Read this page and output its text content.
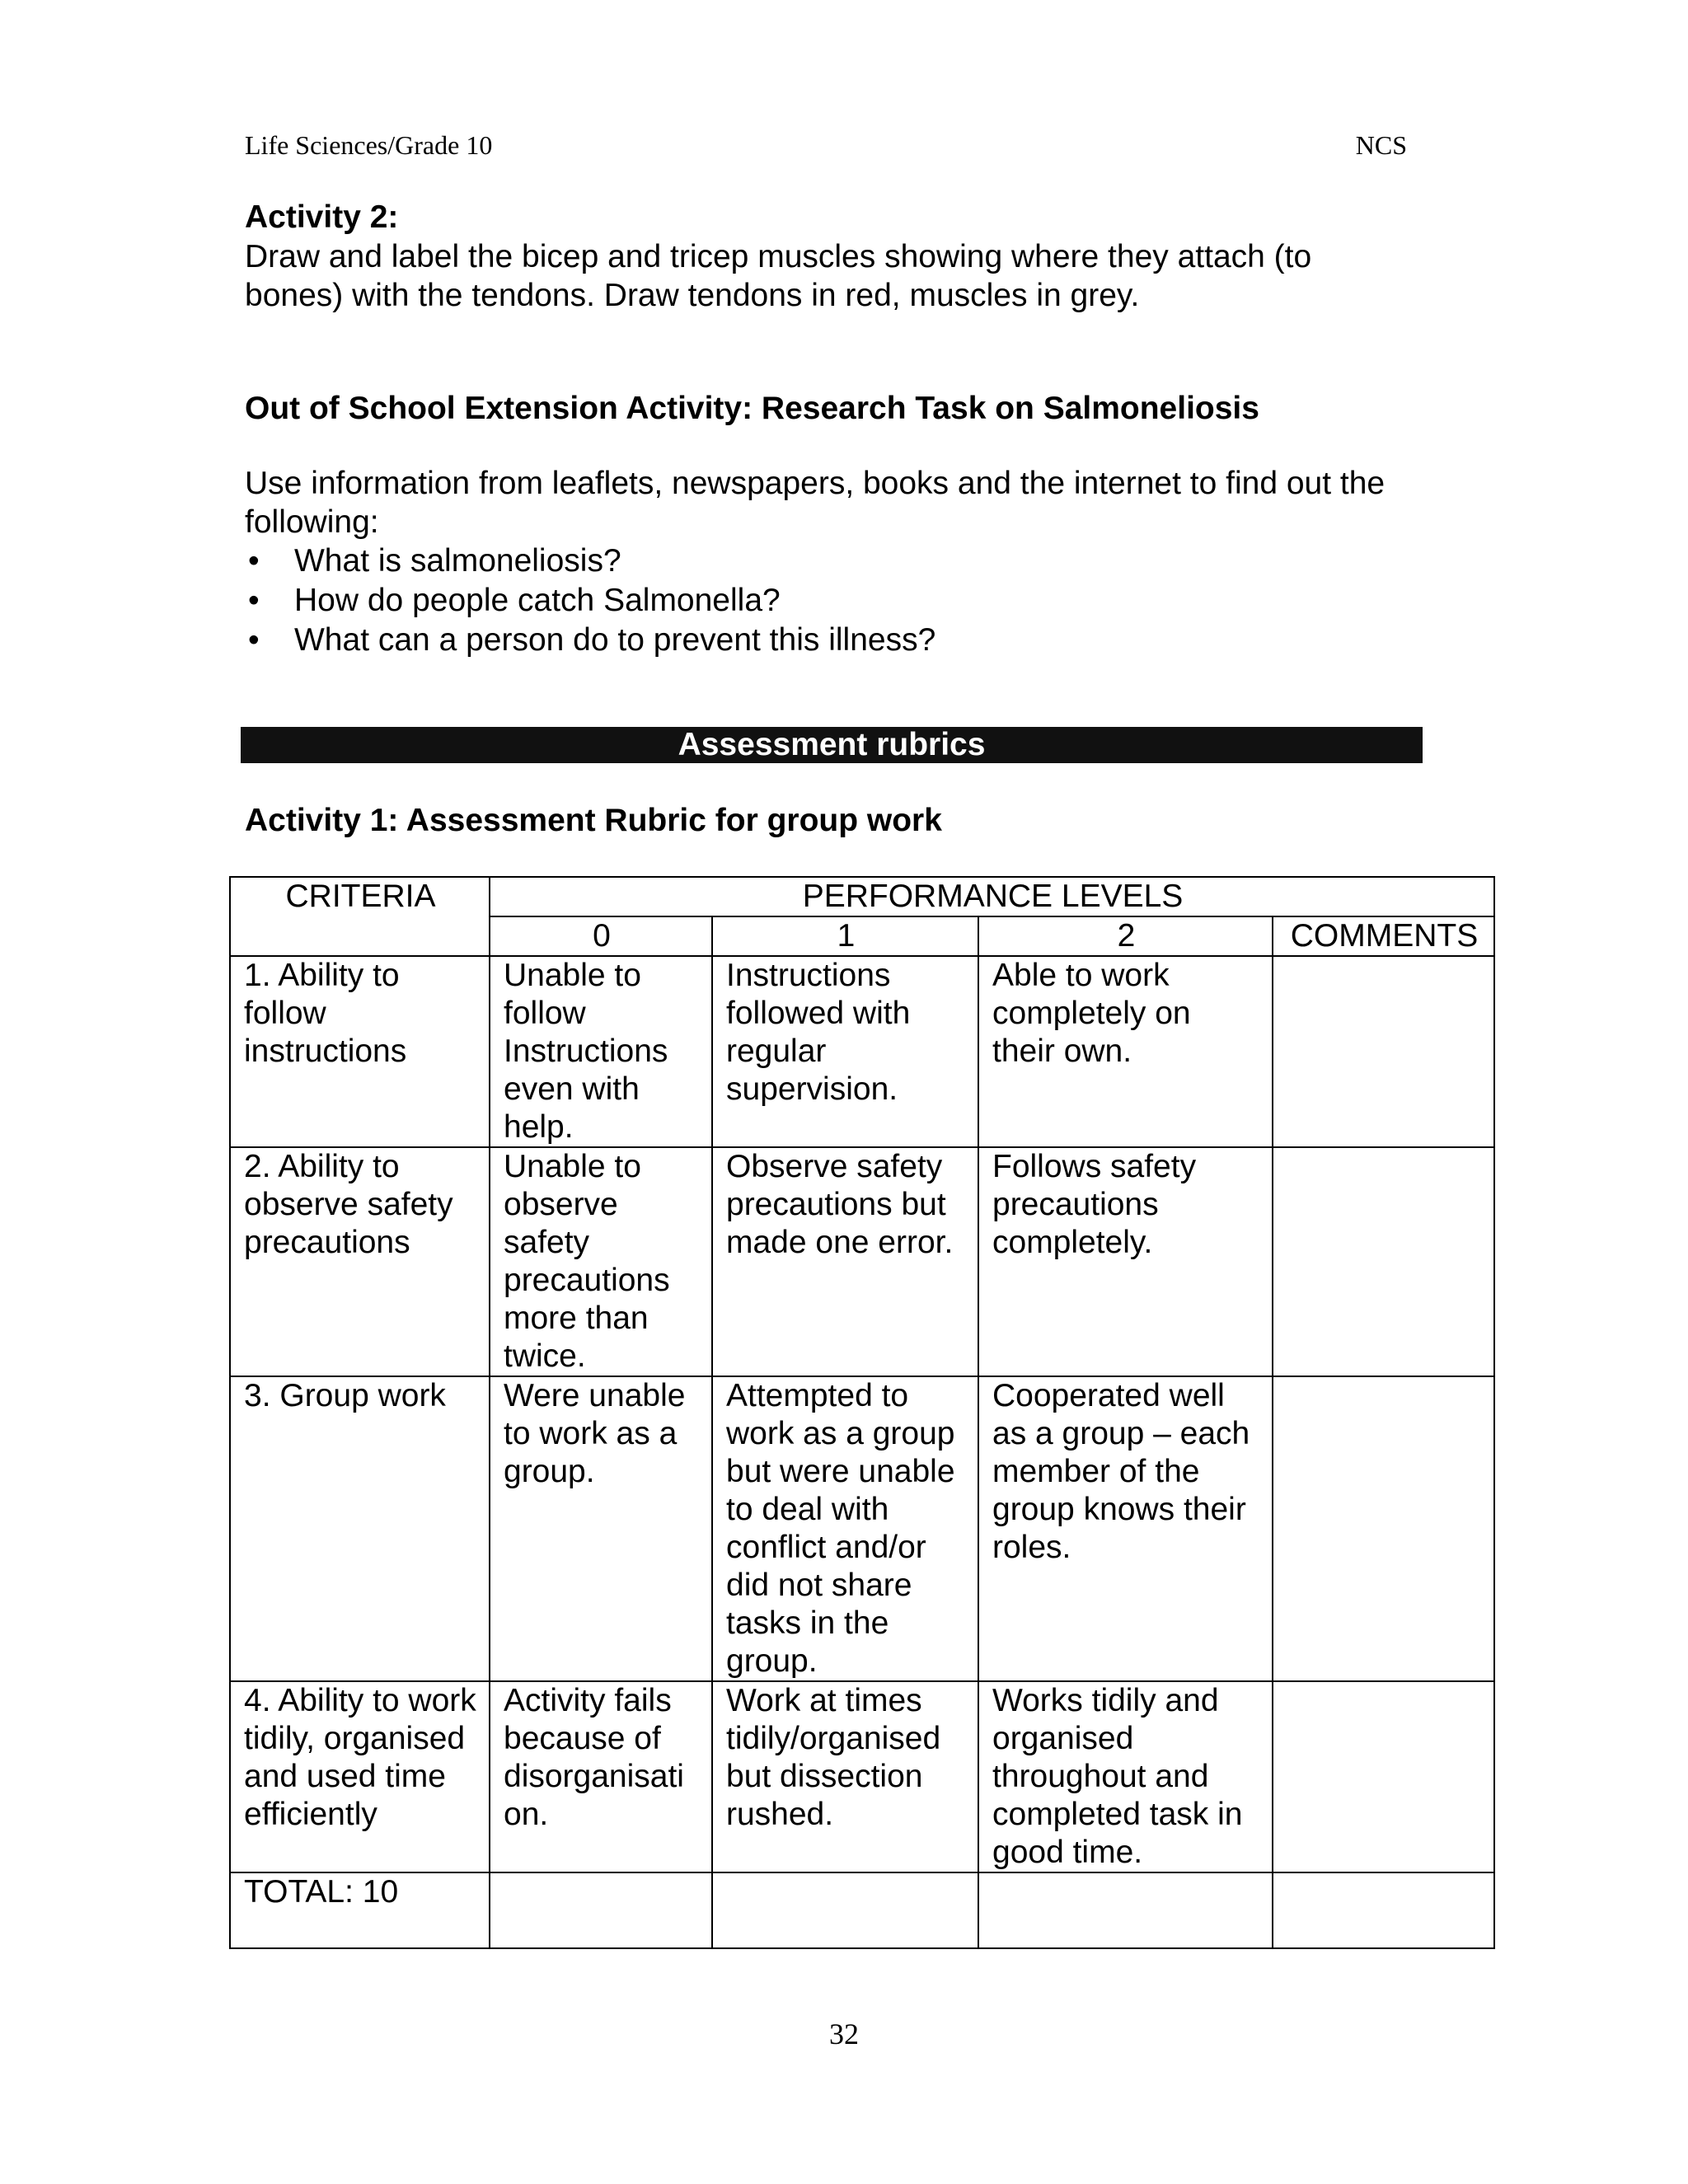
Life Sciences/Grade 10	NCS
Activity 2:
Draw and label the bicep and tricep muscles showing where they attach (to
bones) with the tendons. Draw tendons in red, muscles in grey.
Out of School Extension Activity: Research Task on Salmoneliosis
Use information from leaflets, newspapers, books and the internet to find out the
following:
• What is salmoneliosis?
• How do people catch Salmonella?
• What can a person do to prevent this illness?
Assessment rubrics
Activity 1: Assessment Rubric for group work
CRITERIA	PERFORMANCE LEVELS			
	0	1	2	COMMENTS
1. Ability to follow instructions	Unable to follow Instructions even with help.	Instructions followed with regular supervision.	Able to work completely on their own.	
2. Ability to observe safety precautions	Unable to observe safety precautions more than twice.	Observe safety precautions but made one error.	Follows safety precautions completely.	
3. Group work	Were unable to work as a group.	Attempted to work as a group but were unable to deal with conflict and/or did not share tasks in the group.	Cooperated well as a group – each member of the group knows their roles.	
4. Ability to work tidily, organised and used time efficiently	Activity fails because of disorganisati on.	Work at times tidily/organised but dissection rushed.	Works tidily and organised throughout and completed task in good time.	
TOTAL: 10				
32
